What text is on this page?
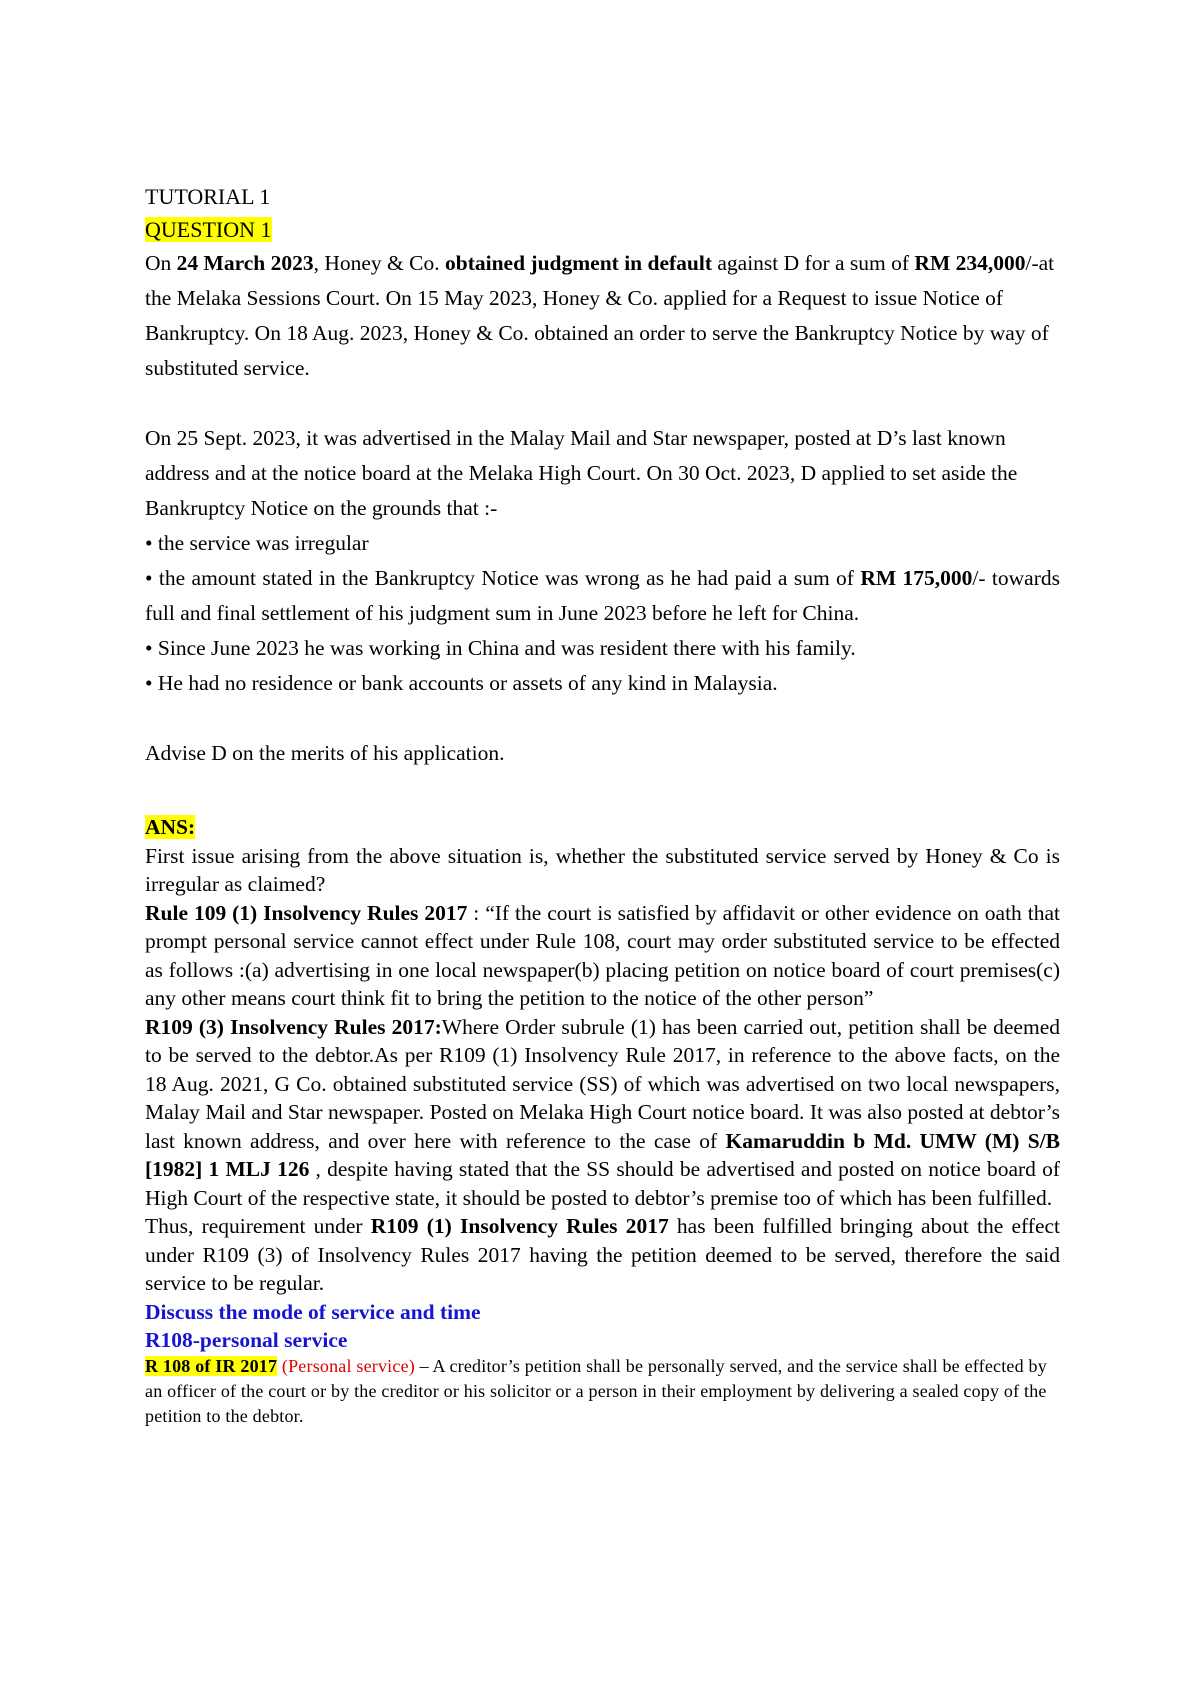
TUTORIAL 1

QUESTION 1

On 24 March 2023, Honey & Co. obtained judgment in default against D for a sum of RM 234,000/-at the Melaka Sessions Court. On 15 May 2023, Honey & Co. applied for a Request to issue Notice of Bankruptcy. On 18 Aug. 2023, Honey & Co. obtained an order to serve the Bankruptcy Notice by way of substituted service.

On 25 Sept. 2023, it was advertised in the Malay Mail and Star newspaper, posted at D’s last known address and at the notice board at the Melaka High Court. On 30 Oct. 2023, D applied to set aside the Bankruptcy Notice on the grounds that :-

• the service was irregular

• the amount stated in the Bankruptcy Notice was wrong as he had paid a sum of RM 175,000/- towards full and final settlement of his judgment sum in June 2023 before he left for China.

• Since June 2023 he was working in China and was resident there with his family.

• He had no residence or bank accounts or assets of any kind in Malaysia.

Advise D on the merits of his application.

ANS:

First issue arising from the above situation is, whether the substituted service served by Honey & Co is irregular as claimed?

Rule 109 (1) Insolvency Rules 2017 : “If the court is satisfied by affidavit or other evidence on oath that prompt personal service cannot effect under Rule 108, court may order substituted service to be effected as follows :(a) advertising in one local newspaper(b) placing petition on notice board of court premises(c) any other means court think fit to bring the petition to the notice of the other person”

R109 (3) Insolvency Rules 2017:Where Order subrule (1) has been carried out, petition shall be deemed to be served to the debtor.As per R109 (1) Insolvency Rule 2017, in reference to the above facts, on the 18 Aug. 2021, G Co. obtained substituted service (SS) of which was advertised on two local newspapers, Malay Mail and Star newspaper. Posted on Melaka High Court notice board. It was also posted at debtor’s last known address, and over here with reference to the case of Kamaruddin b Md. UMW (M) S/B [1982] 1 MLJ 126 , despite having stated that the SS should be advertised and posted on notice board of High Court of the respective state, it should be posted to debtor’s premise too of which has been fulfilled.

Thus, requirement under R109 (1) Insolvency Rules 2017 has been fulfilled bringing about the effect under R109 (3) of Insolvency Rules 2017 having the petition deemed to be served, therefore the said service to be regular.

Discuss the mode of service and time

R108-personal service

R 108 of IR 2017 (Personal service) – A creditor’s petition shall be personally served, and the service shall be effected by an officer of the court or by the creditor or his solicitor or a person in their employment by delivering a sealed copy of the petition to the debtor.
